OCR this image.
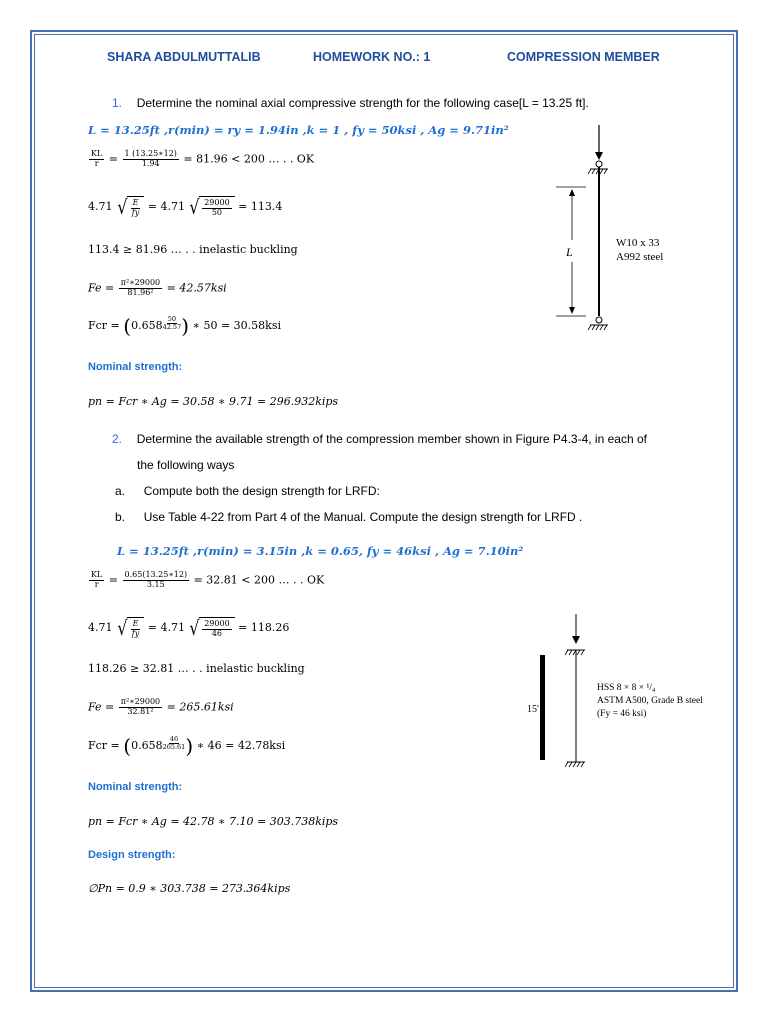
SHARA ABDULMUTTALIB	HOMEWORK NO.: 1	COMPRESSION MEMBER
1. Determine the nominal axial compressive strength for the following case[L = 13.25 ft].
L = 13.25ft ,r(min) = ry = 1.94in ,k = 1 , fy = 50ksi , Ag = 9.71in²
$\frac{KL}{r} = \frac{1 (13.25∗12)}{1.94} = 81.96 < 200$ … . . OK
4.71 √ $\frac{E}{fy} = 4.71$ √ $\frac{29000}{50} = 113.4$
113.4 ≥ 81.96 … . . inelastic buckling
$Fe = \frac{\text{π²∗29000}}{\text{81.96²}} = 42.57ksi$
Fcr = ($0.658 \frac{50}{42.57}$ ) ∗ 50 = 30.58ksi
Nominal strength:
pn = Fcr ∗ Ag = 30.58 ∗ 9.71 = 296.932kips
L
W10 x 33
A992 steel
2. Determine the available strength of the compression member shown in Figure P4.3-4, in each of
the following ways
a. Compute both the design strength for LRFD:
b. Use Table 4-22 from Part 4 of the Manual. Compute the design strength for LRFD .
L = 13.25ft ,r(min) = 3.15in ,k = 0.65, fy = 46ksi , Ag = 7.10in²
$\frac{KL}{r} = \frac{0.65(13.25∗12)}{3.15} = 32.81 < 200$ … . . OK
4.71 √ $\frac{E}{fy} = 4.71$ √ $\frac{29000}{46} = 118.26$
118.26 ≥ 32.81 … . . inelastic buckling
$Fe = \frac{\text{π²∗29000}}{\text{32.81²}} = 265.61ksi$
Fcr = ($0.658 \frac{46}{265.61}$ ) ∗ 46 = 42.78ksi
Nominal strength:
pn = Fcr ∗ Ag = 42.78 ∗ 7.10 = 303.738kips
Design strength:
∅Pn = 0.9 ∗ 303.738 = 273.364kips
15′
HSS 8 × 8 × ¹/₄
ASTM A500, Grade B steel
(Fy = 46 ksi)
